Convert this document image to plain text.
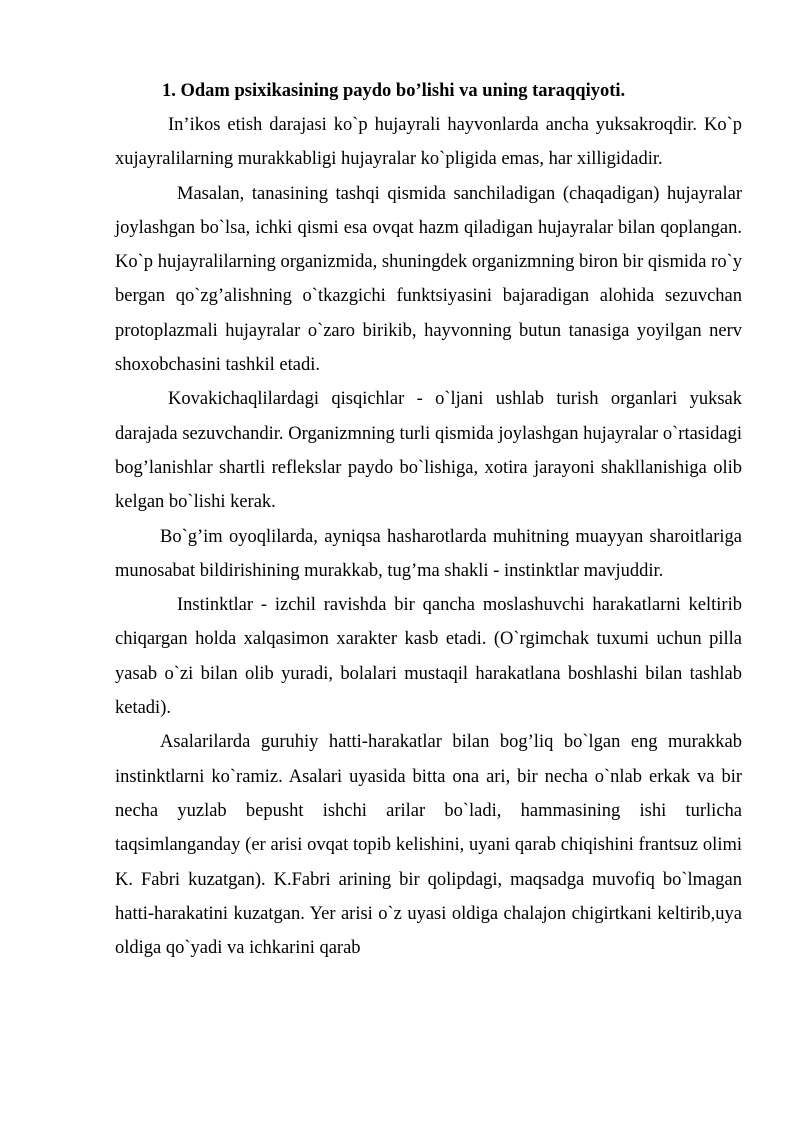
1. Odam psixikasining paydo bo’lishi va uning taraqqiyoti.

In’ikos etish darajasi ko`p hujayrali hayvonlarda ancha yuksakroqdir. Ko`p xujayralilarning murakkabligi hujayralar ko`pligida emas, har xilligidadir.

Masalan, tanasining tashqi qismida sanchiladigan (chaqadigan) hujayralar joylashgan bo`lsa, ichki qismi esa ovqat hazm qiladigan hujayralar bilan qoplangan. Ko`p hujayralilarning organizmida, shuningdek organizmning biron bir qismida ro`y bergan qo`zg’alishning o`tkazgichi funktsiyasini bajaradigan alohida sezuvchan protoplazmali hujayralar o`zaro birikib, hayvonning butun tanasiga yoyilgan nerv shoxobchasini tashkil etadi.

Kovakichaqlilardagi qisqichlar - o`ljani ushlab turish organlari yuksak darajada sezuvchandir. Organizmning turli qismida joylashgan hujayralar o`rtasidagi bog’lanishlar shartli reflekslar paydo bo`lishiga, xotira jarayoni shakllanishiga olib kelgan bo`lishi kerak.

Bo`g’im oyoqlilarda, ayniqsa hasharotlarda muhitning muayyan sharoitlariga munosabat bildirishining murakkab, tug’ma shakli - instinktlar mavjuddir.

Instinktlar - izchil ravishda bir qancha moslashuvchi harakatlarni keltirib chiqargan holda xalqasimon xarakter kasb etadi. (O`rgimchak tuxumi uchun pilla yasab o`zi bilan olib yuradi, bolalari mustaqil harakatlana boshlashi bilan tashlab ketadi).

Asalarilarda guruhiy hatti-harakatlar bilan bog’liq bo`lgan eng murakkab instinktlarni ko`ramiz. Asalari uyasida bitta ona ari, bir necha o`nlab erkak va bir necha yuzlab bepusht ishchi arilar bo`ladi, hammasining ishi turlicha taqsimlanganday (er arisi ovqat topib kelishini, uyani qarab chiqishini frantsuz olimi K. Fabri kuzatgan). K.Fabri arining bir qolipdagi, maqsadga muvofiq bo`lmagan hatti-harakatini kuzatgan. Yer arisi o`z uyasi oldiga chalajon chigirtkani keltirib,uya oldiga qo`yadi va ichkarini qarab
